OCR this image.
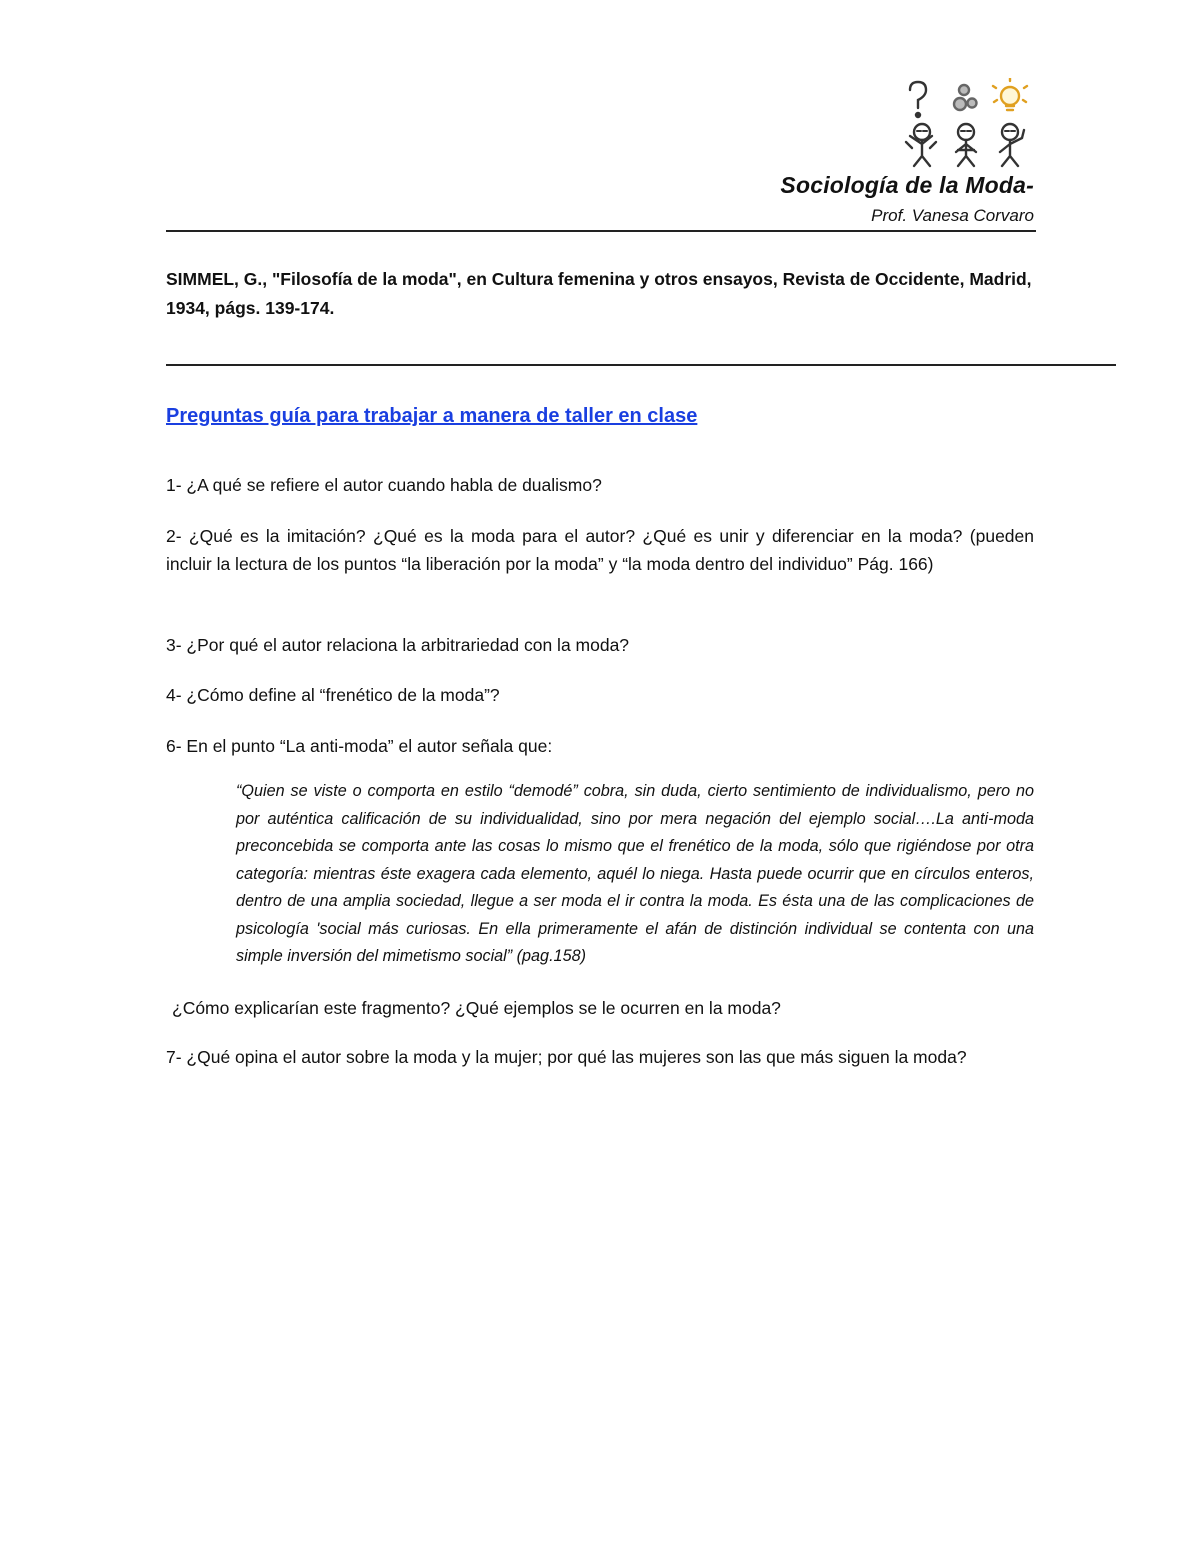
Sociología de la Moda-
Prof. Vanesa Corvaro
SIMMEL, G., "Filosofía de la moda", en Cultura femenina y otros ensayos, Revista de Occidente, Madrid, 1934, págs. 139-174.
Preguntas guía para trabajar a manera de taller en clase
1- ¿A qué se refiere el autor cuando habla de dualismo?
2- ¿Qué es la imitación? ¿Qué es la moda para el autor? ¿Qué es unir y diferenciar en la moda? (pueden incluir la lectura de los puntos “la liberación por la moda” y “la moda dentro del individuo” Pág. 166)
3- ¿Por qué el autor relaciona la arbitrariedad con la moda?
4- ¿Cómo define al “frenético de la moda”?
6- En el punto “La anti-moda” el autor señala que:
“Quien se viste o comporta en estilo “demodé” cobra, sin duda, cierto sentimiento de individualismo, pero no por auténtica calificación de su individualidad, sino por mera negación del ejemplo social….La anti-moda preconcebida se comporta ante las cosas lo mismo que el frenético de la moda, sólo que rigiéndose por otra categoría: mientras éste exagera cada elemento, aquél lo niega. Hasta puede ocurrir que en círculos enteros, dentro de una amplia sociedad, llegue a ser moda el ir contra la moda. Es ésta una de las complicaciones de psicología 'social más curiosas. En ella primeramente el afán de distinción individual se contenta con una simple inversión del mimetismo social” (pag.158)
¿Cómo explicarían este fragmento? ¿Qué ejemplos se le ocurren en la moda?
7- ¿Qué opina el autor sobre la moda y la mujer; por qué las mujeres son las que más siguen la moda?
